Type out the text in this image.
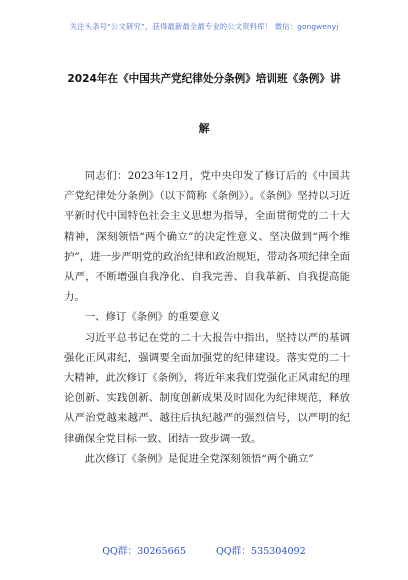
关注头条号“公文研究”，获得最新最全最专业的公文资料库！ 微信：gongwenyj
2024年在《中国共产党纪律处分条例》培训班《条例》讲
解

同志们：2023年12月，党中央印发了修订后的《中国共产党纪律处分条例》（以下简称《条例》）。《条例》坚持以习近平新时代中国特色社会主义思想为指导，全面贯彻党的二十大精神，深刻领悟“两个确立”的决定性意义、坚决做到“两个维护”，进一步严明党的政治纪律和政治规矩，带动各项纪律全面从严，不断增强自我净化、自我完善、自我革新、自我提高能力。

一、修订《条例》的重要意义

习近平总书记在党的二十大报告中指出，坚持以严的基调强化正风肃纪，强调要全面加强党的纪律建设。落实党的二十大精神，此次修订《条例》，将近年来我们党强化正风肃纪的理论创新、实践创新、制度创新成果及时固化为纪律规范，释放从严治党越来越严、越往后执纪越严的强烈信号，以严明的纪律确保全党目标一致、团结一致步调一致。

此次修订《条例》是促进全党深刻领悟“两个确立”

QQ群：30265665	QQ群：535304092
